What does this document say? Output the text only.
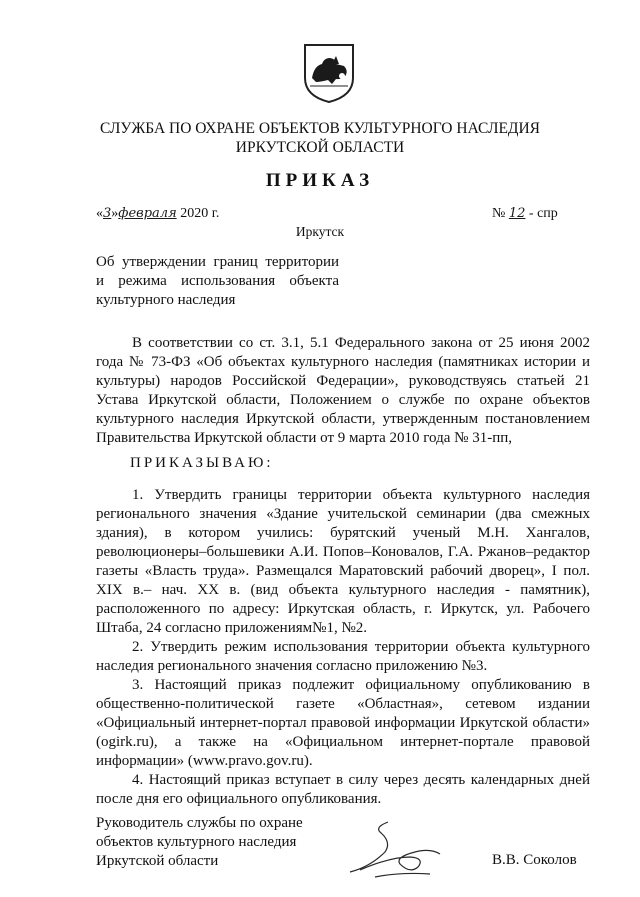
СЛУЖБА ПО ОХРАНЕ ОБЪЕКТОВ КУЛЬТУРНОГО НАСЛЕДИЯ
ИРКУТСКОЙ ОБЛАСТИ
ПРИКАЗ
«3»февраля 2020 г.	№ 12 - спр
Иркутск
Об утверждении границ территории
и режима использования объекта
культурного наследия

В соответствии со ст. 3.1, 5.1 Федерального закона от 25 июня 2002 года № 73-ФЗ «Об объектах культурного наследия (памятниках истории и культуры) народов Российской Федерации», руководствуясь статьей 21 Устава Иркутской области, Положением о службе по охране объектов культурного наследия Иркутской области, утвержденным постановлением Правительства Иркутской области от 9 марта 2010 года № 31-пп,

ПРИКАЗЫВАЮ:

1. Утвердить границы территории объекта культурного наследия регионального значения «Здание учительской семинарии (два смежных здания), в котором учились: бурятский ученый М.Н. Хангалов, революционеры–большевики А.И. Попов–Коновалов, Г.А. Ржанов–редактор газеты «Власть труда». Размещался Маратовский рабочий дворец», I пол. XIX в.– нач. XX в. (вид объекта культурного наследия - памятник), расположенного по адресу: Иркутская область, г. Иркутск, ул. Рабочего Штаба, 24 согласно приложениям№1, №2.

2. Утвердить режим использования территории объекта культурного наследия регионального значения согласно приложению №3.

3. Настоящий приказ подлежит официальному опубликованию в общественно-политической газете «Областная», сетевом издании «Официальный интернет-портал правовой информации Иркутской области» (ogirk.ru), а также на «Официальном интернет-портале правовой информации» (www.pravo.gov.ru).

4. Настоящий приказ вступает в силу через десять календарных дней после дня его официального опубликования.

Руководитель службы по охране
объектов культурного наследия
Иркутской области	В.В. Соколов
